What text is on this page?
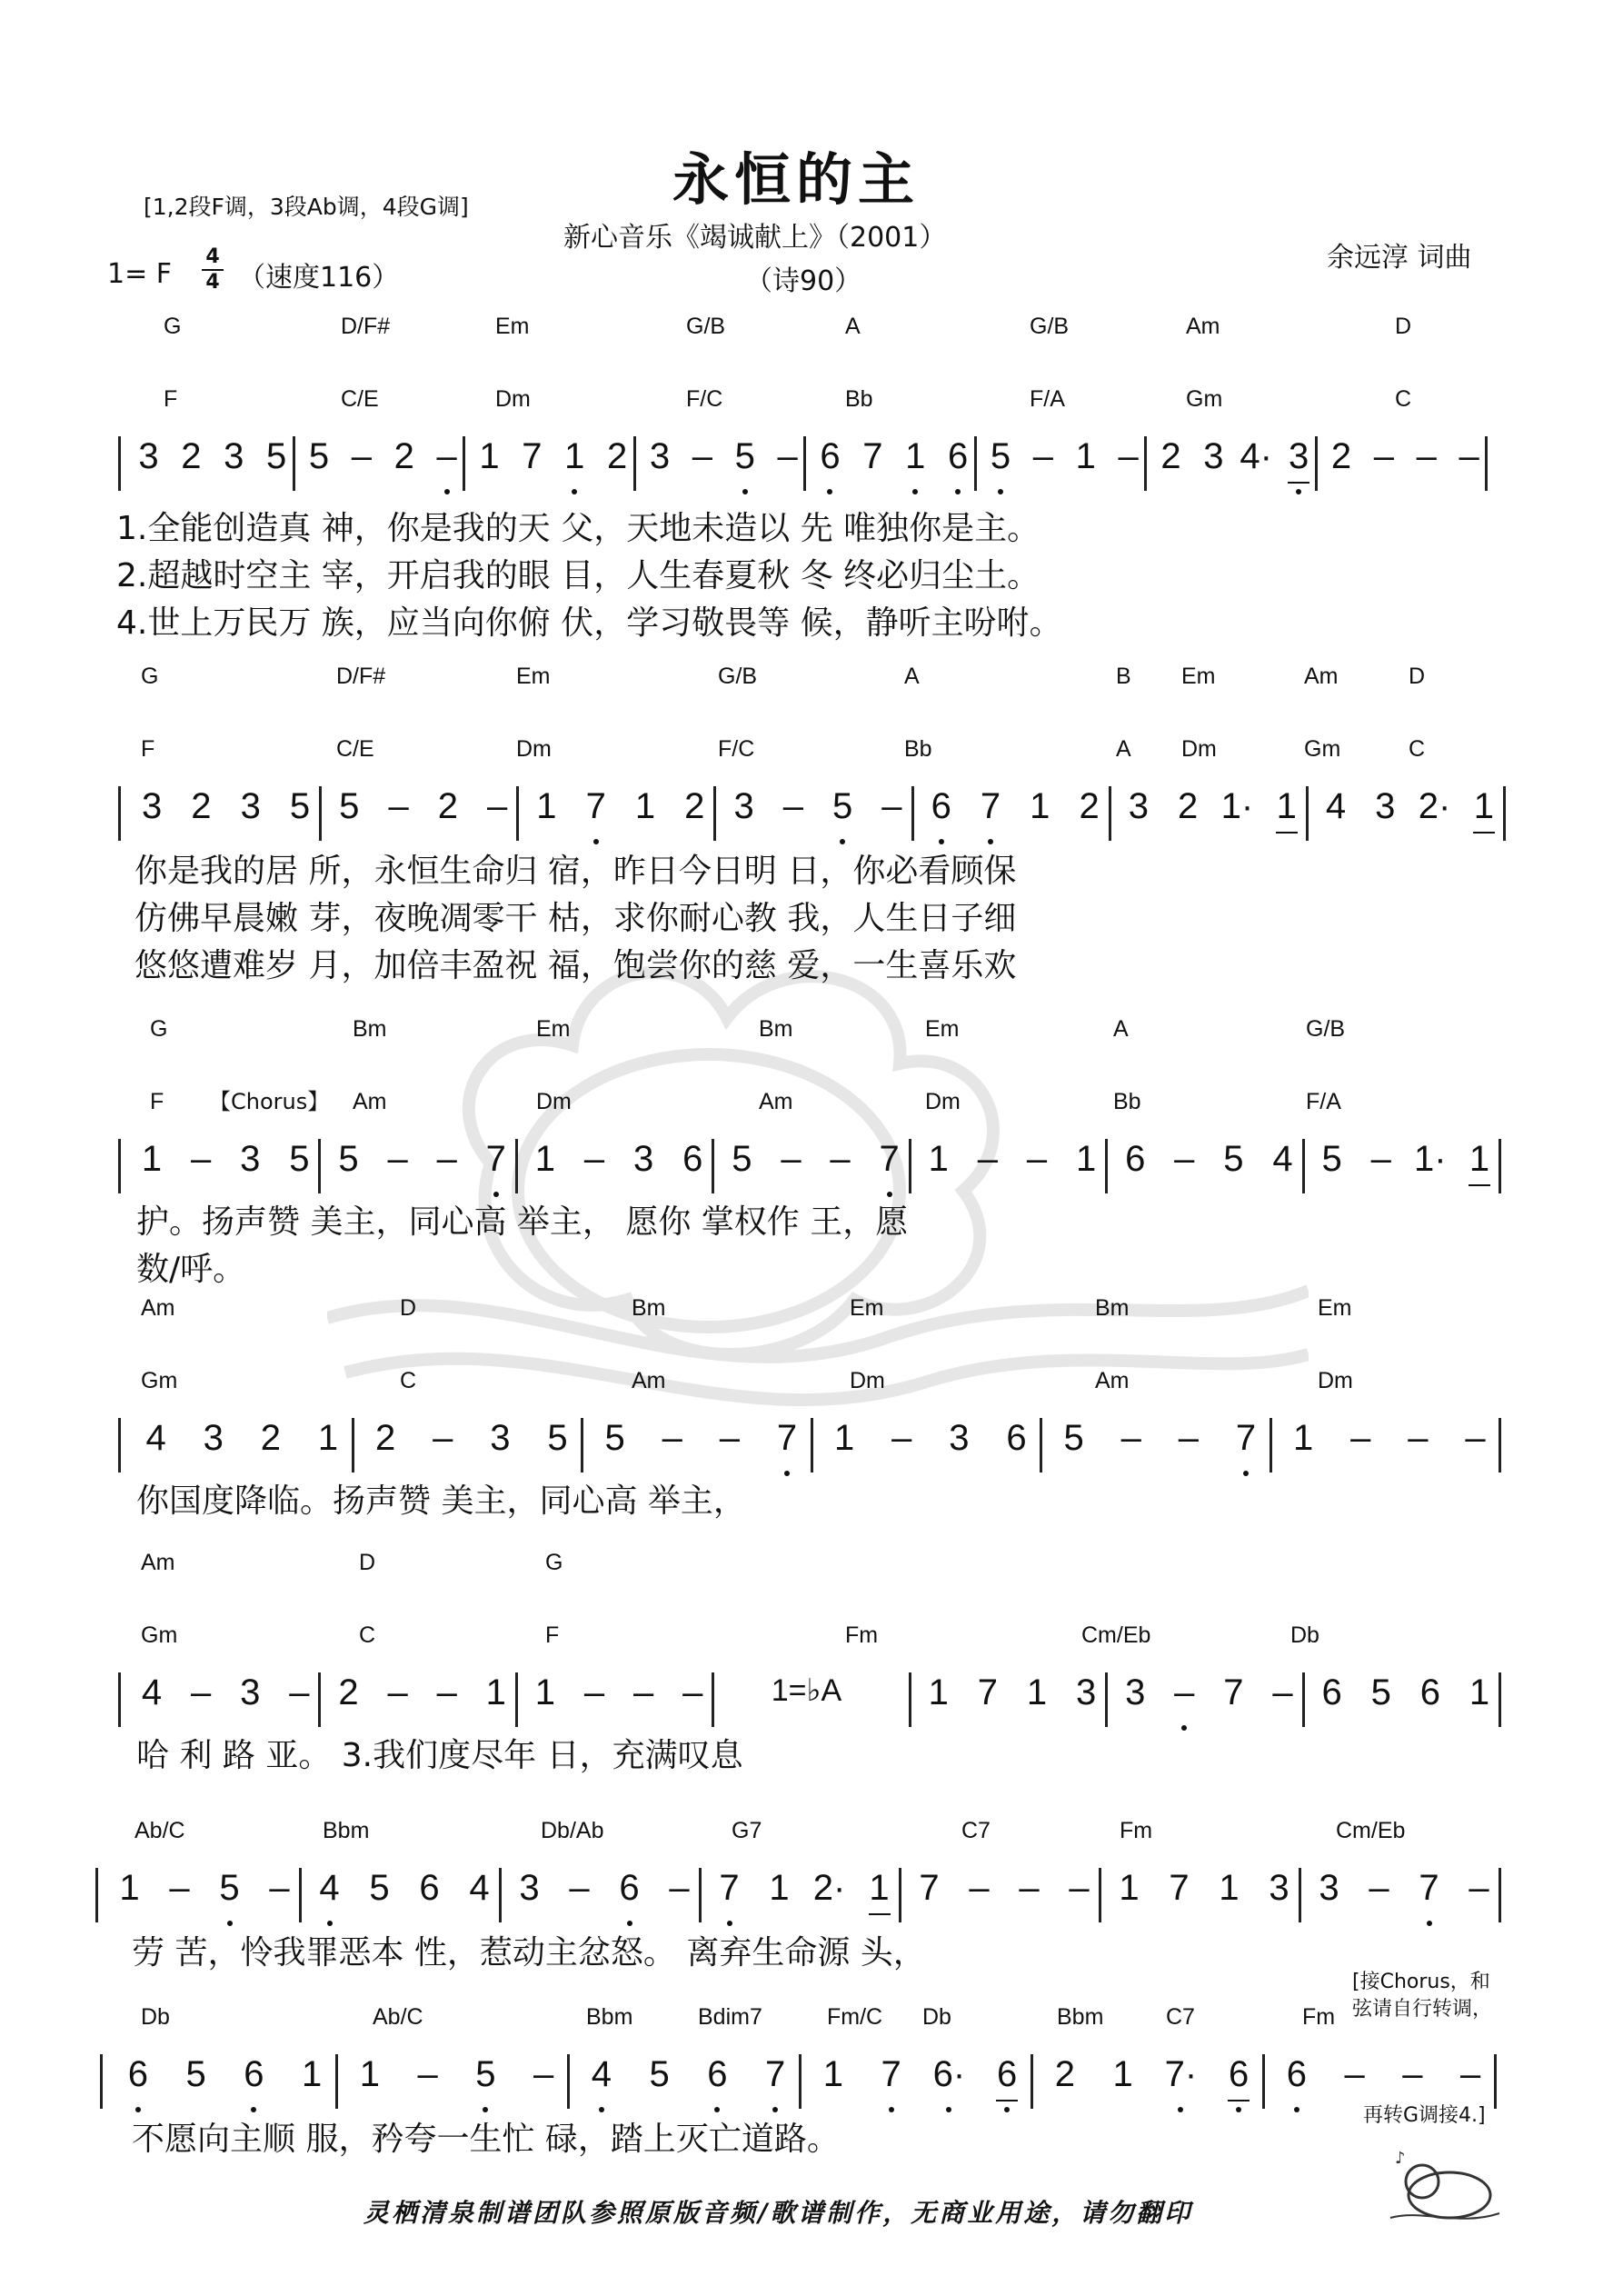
永恒的主
[1,2段F调，3段Ab调，4段G调]
新心音乐《竭诚献上》（2001）
（诗90）
余远淳 词曲
1= F
4
4 （速度116）
G	D/F#	Em	G/B	A	G/B	Am	D
F	C/E	Dm	F/C	Bb	F/A	Gm	C
3 2 3 5 5 – 2 – 1 7 1 2 3 – 5 – 6 7 1 6 5 – 1 – 2 3 4· 3 2 – – –
1.全能创造真 神，你是我的天 父，天地未造以 先 唯独你是主。
2.超越时空主 宰，开启我的眼 目，人生春夏秋 冬 终必归尘土。
4.世上万民万 族，应当向你俯 伏，学习敬畏等 候，静听主吩咐。
G	D/F#	Em	G/B	A	B Em	Am	D
F	C/E	Dm	F/C	Bb	A Dm	Gm	C
3 2 3 5 5 – 2 – 1 7 1 2 3 – 5 – 6 7 1 2 3 2 1· 1 4 3 2· 1
你是我的居 所，永恒生命归 宿，昨日今日明 日，你必看顾保
仿佛早晨嫩 芽，夜晚凋零干 枯，求你耐心教 我，人生日子细
悠悠遭难岁 月，加倍丰盈祝 福，饱尝你的慈 爱，一生喜乐欢
G	Bm	Em	Bm	Em	A	G/B
F	Am	Dm	Am	Dm	Bb	F/A
【Chorus】
1 – 3 5 5 – – 7 1 – 3 6 5 – – 7 1 – – 1 6 – 5 4 5 – 1· 1
护。扬声赞 美主，同心高 举主， 愿你 掌权作 王，愿
数/呼。
Am	D	Bm	Em	Bm	Em
Gm	C	Am	Dm	Am	Dm
4 3 2 1 2 – 3 5 5 – – 7 1 – 3 6 5 – – 7 1 – – –
你国度降临。扬声赞 美主，同心高 举主，
Am	D	G
Gm	C	F	Fm	Cm/Eb	Db
4 – 3 – 2 – – 1 1 – – – 1=♭A 1 7 1 3 3 – 7 – 6 5 6 1
哈 利 路 亚。 3.我们度尽年 日，充满叹息
Ab/C	Bbm	Db/Ab	G7	C7	Fm	Cm/Eb
1 – 5 – 4 5 6 4 3 – 6 – 7 1 2· 1 7 – – – 1 7 1 3 3 – 7 –
劳 苦，怜我罪恶本 性，惹动主忿怒。 离弃生命源 头，
Db	Ab/C	Bbm	Bdim7	Fm/C Db	Bbm	C7	Fm
6 5 6 1 1 – 5 – 4 5 6 7 1 7 6· 6 2 1 7· 6 6 – – –
不愿向主顺 服，矜夸一生忙 碌，踏上灭亡道路。
[接Chorus，和
弦请自行转调，
再转G调接4.]
灵栖清泉制谱团队参照原版音频/歌谱制作，无商业用途，请勿翻印
♪
